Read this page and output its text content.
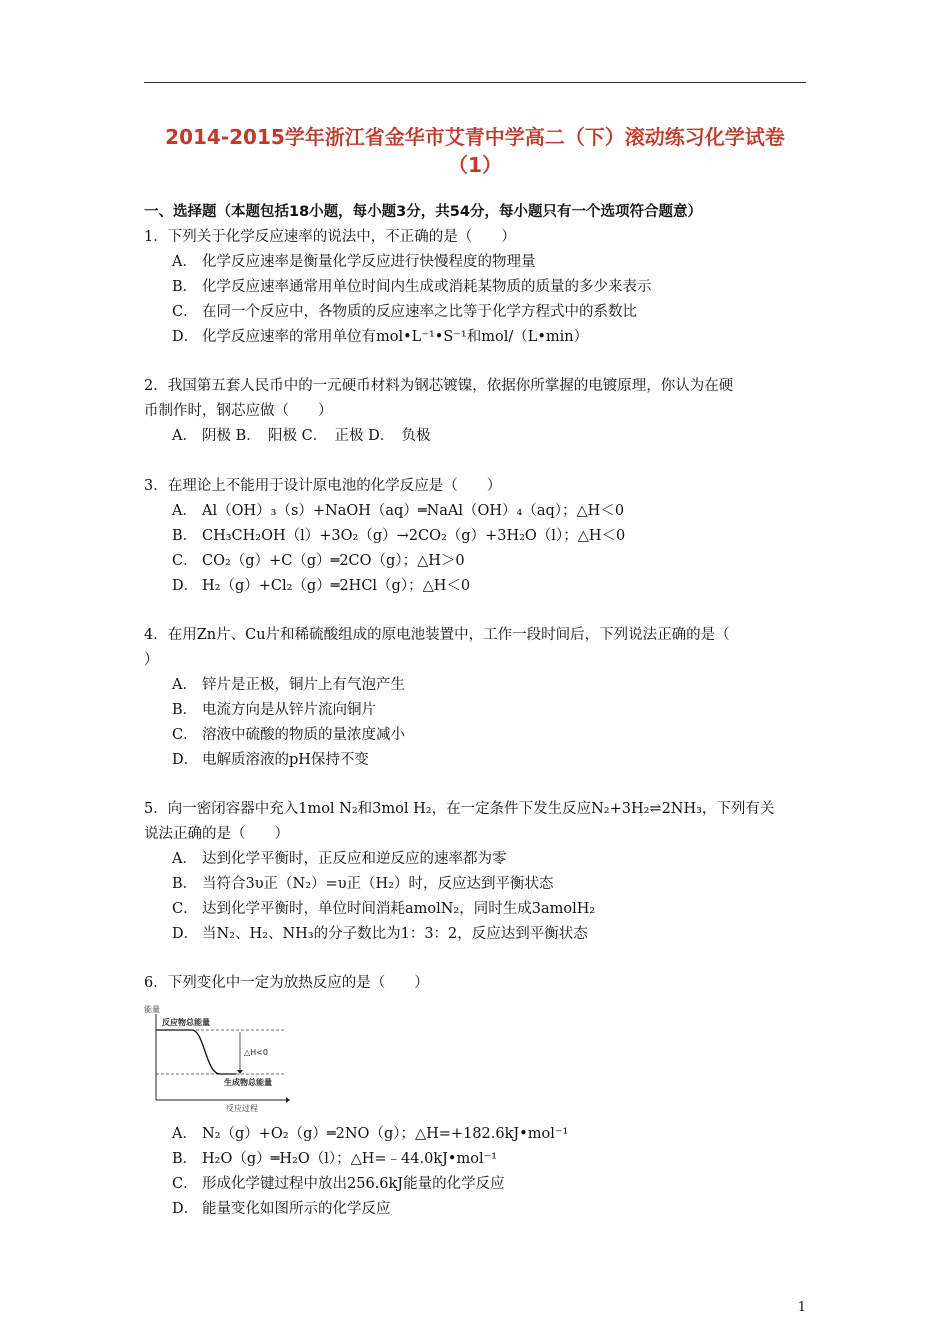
2014-2015学年浙江省金华市艾青中学高二（下）滚动练习化学试卷
（1）
一、选择题（本题包括18小题，每小题3分，共54分，每小题只有一个选项符合题意）
1．下列关于化学反应速率的说法中，不正确的是（　　）
A． 化学反应速率是衡量化学反应进行快慢程度的物理量
B． 化学反应速率通常用单位时间内生成或消耗某物质的质量的多少来表示
C． 在同一个反应中，各物质的反应速率之比等于化学方程式中的系数比
D． 化学反应速率的常用单位有mol•L⁻¹•S⁻¹和mol/（L•min）
2．我国第五套人民币中的一元硬币材料为钢芯镀镍，依据你所掌握的电镀原理，你认为在硬
币制作时，钢芯应做（　　）
A． 阴极 B．　阳极 C．　正极 D．　负极
3．在理论上不能用于设计原电池的化学反应是（　　）
A． Al（OH）₃（s）+NaOH（aq）═NaAl（OH）₄（aq）；△H＜0
B． CH₃CH₂OH（l）+3O₂（g）→2CO₂（g）+3H₂O（l）；△H＜0
C． CO₂（g）+C（g）═2CO（g）；△H＞0
D． H₂（g）+Cl₂（g）═2HCl（g）；△H＜0
4．在用Zn片、Cu片和稀硫酸组成的原电池装置中，工作一段时间后，下列说法正确的是（
）
A． 锌片是正极，铜片上有气泡产生
B． 电流方向是从锌片流向铜片
C． 溶液中硫酸的物质的量浓度减小
D． 电解质溶液的pH保持不变
5．向一密闭容器中充入1mol N₂和3mol H₂，在一定条件下发生反应N₂+3H₂⇌2NH₃，下列有关
说法正确的是（　　）
A． 达到化学平衡时，正反应和逆反应的速率都为零
B． 当符合3υ正（N₂）=υ正（H₂）时，反应达到平衡状态
C． 达到化学平衡时，单位时间消耗amolN₂，同时生成3amolH₂
D． 当N₂、H₂、NH₃的分子数比为1：3：2，反应达到平衡状态
6．下列变化中一定为放热反应的是（　　）
能量
反应物总能量
△H<0
生成物总能量
反应过程
A． N₂（g）+O₂（g）═2NO（g）；△H=+182.6kJ•mol⁻¹
B． H₂O（g）═H₂O（l）；△H=﹣44.0kJ•mol⁻¹
C． 形成化学键过程中放出256.6kJ能量的化学反应
D． 能量变化如图所示的化学反应
1
